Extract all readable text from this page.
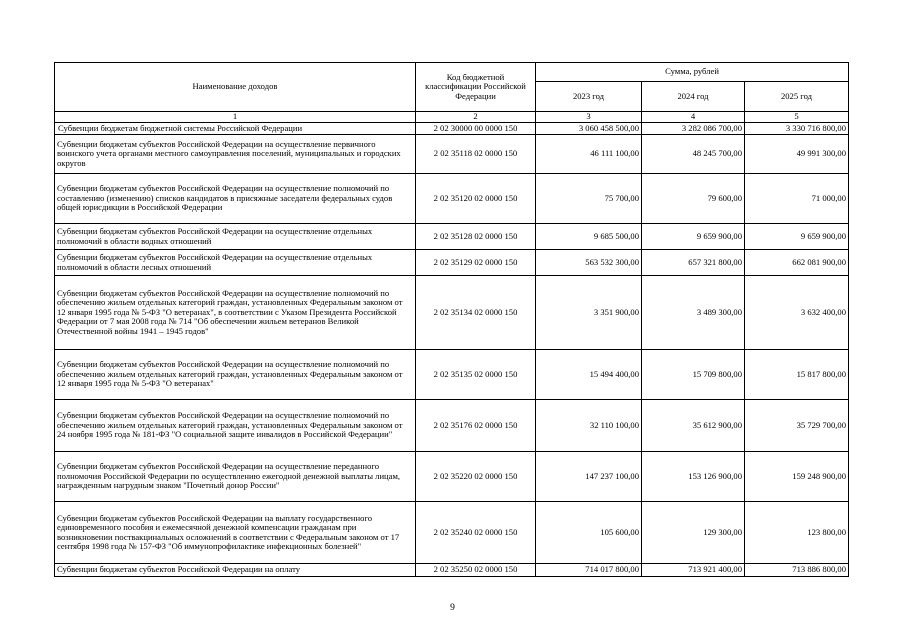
Наименование доходов	Код бюджетной классификации Российской Федерации	Сумма, рублей		
		2023 год	2024 год	2025 год
1	2	3	4	5
Субвенции бюджетам бюджетной системы Российской Федерации	2 02 30000 00 0000 150	3 060 458 500,00	3 282 086 700,00	3 330 716 800,00
Субвенции бюджетам субъектов Российской Федерации на осуществление первичного воинского учета органами местного самоуправления поселений, муниципальных и городских округов	2 02 35118 02 0000 150	46 111 100,00	48 245 700,00	49 991 300,00
Субвенции бюджетам субъектов Российской Федерации на осуществление полномочий по составлению (изменению) списков кандидатов в присяжные заседатели федеральных судов общей юрисдикции в Российской Федерации	2 02 35120 02 0000 150	75 700,00	79 600,00	71 000,00
Субвенции бюджетам субъектов Российской Федерации на осуществление отдельных полномочий в области водных отношений	2 02 35128 02 0000 150	9 685 500,00	9 659 900,00	9 659 900,00
Субвенции бюджетам субъектов Российской Федерации на осуществление отдельных полномочий в области лесных отношений	2 02 35129 02 0000 150	563 532 300,00	657 321 800,00	662 081 900,00
Субвенции бюджетам субъектов Российской Федерации на осуществление полномочий по обеспечению жильем отдельных категорий граждан, установленных Федеральным законом от 12 января 1995 года № 5-ФЗ "О ветеранах", в соответствии с Указом Президента Российской Федерации от 7 мая 2008 года № 714 "Об обеспечении жильем ветеранов Великой Отечественной войны 1941 – 1945 годов"	2 02 35134 02 0000 150	3 351 900,00	3 489 300,00	3 632 400,00
Субвенции бюджетам субъектов Российской Федерации на осуществление полномочий по обеспечению жильем отдельных категорий граждан, установленных Федеральным законом от 12 января 1995 года № 5-ФЗ "О ветеранах"	2 02 35135 02 0000 150	15 494 400,00	15 709 800,00	15 817 800,00
Субвенции бюджетам субъектов Российской Федерации на осуществление полномочий по обеспечению жильем отдельных категорий граждан, установленных Федеральным законом от 24 ноября 1995 года № 181-ФЗ "О социальной защите инвалидов в Российской Федерации"	2 02 35176 02 0000 150	32 110 100,00	35 612 900,00	35 729 700,00
Субвенции бюджетам субъектов Российской Федерации на осуществление переданного полномочия Российской Федерации по осуществлению ежегодной денежной выплаты лицам, награжденным нагрудным знаком "Почетный донор России"	2 02 35220 02 0000 150	147 237 100,00	153 126 900,00	159 248 900,00
Субвенции бюджетам субъектов Российской Федерации на выплату государственного единовременного пособия и ежемесячной денежной компенсации гражданам при возникновении поствакцинальных осложнений в соответствии с Федеральным законом от 17 сентября 1998 года № 157-ФЗ "Об иммунопрофилактике инфекционных болезней"	2 02 35240 02 0000 150	105 600,00	129 300,00	123 800,00
Субвенции бюджетам субъектов Российской Федерации на оплату	2 02 35250 02 0000 150	714 017 800,00	713 921 400,00	713 886 800,00
9
